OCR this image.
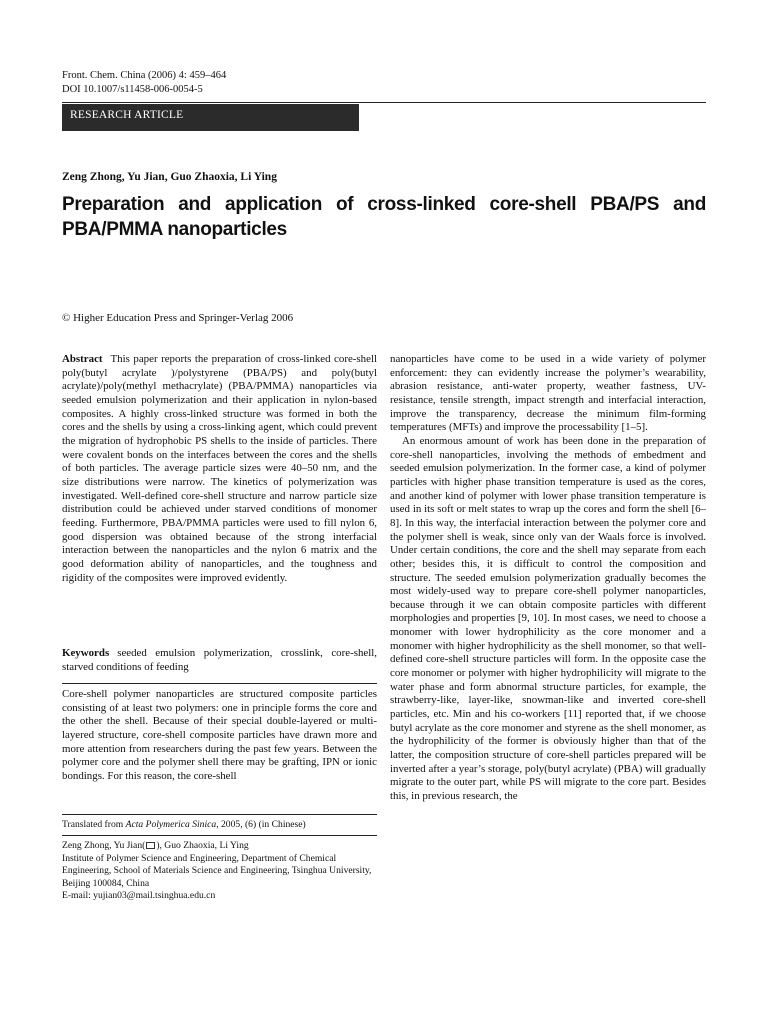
Front. Chem. China (2006) 4: 459–464
DOI 10.1007/s11458-006-0054-5
RESEARCH ARTICLE
Zeng Zhong, Yu Jian, Guo Zhaoxia, Li Ying
Preparation and application of cross-linked core-shell PBA/PS and PBA/PMMA nanoparticles
© Higher Education Press and Springer-Verlag 2006
Abstract This paper reports the preparation of cross-linked core-shell poly(butyl acrylate )/polystyrene (PBA/PS) and poly(butyl acrylate)/poly(methyl methacrylate) (PBA/PMMA) nanoparticles via seeded emulsion polymerization and their application in nylon-based composites. A highly cross-linked structure was formed in both the cores and the shells by using a cross-linking agent, which could prevent the migration of hydrophobic PS shells to the inside of particles. There were covalent bonds on the interfaces between the cores and the shells of both particles. The average particle sizes were 40–50 nm, and the size distributions were narrow. The kinetics of polymerization was investigated. Well-defined core-shell structure and narrow particle size distribution could be achieved under starved conditions of monomer feeding. Furthermore, PBA/PMMA particles were used to fill nylon 6, good dispersion was obtained because of the strong interfacial interaction between the nanoparticles and the nylon 6 matrix and the good deformation ability of nanoparticles, and the toughness and rigidity of the composites were improved evidently.
Keywords seeded emulsion polymerization, crosslink, core-shell, starved conditions of feeding
Core-shell polymer nanoparticles are structured composite particles consisting of at least two polymers: one in principle forms the core and the other the shell. Because of their special double-layered or multi-layered structure, core-shell composite particles have drawn more and more attention from researchers during the past few years. Between the polymer core and the polymer shell there may be grafting, IPN or ionic bondings. For this reason, the core-shell
Translated from Acta Polymerica Sinica, 2005, (6) (in Chinese)
Zeng Zhong, Yu Jian( ), Guo Zhaoxia, Li Ying
Institute of Polymer Science and Engineering, Department of Chemical Engineering, School of Materials Science and Engineering, Tsinghua University, Beijing 100084, China
E-mail: yujian03@mail.tsinghua.edu.cn

nanoparticles have come to be used in a wide variety of polymer enforcement: they can evidently increase the polymer’s wearability, abrasion resistance, anti-water property, weather fastness, UV-resistance, tensile strength, impact strength and interfacial interaction, improve the transparency, decrease the minimum film-forming temperatures (MFTs) and improve the processability [1–5].

An enormous amount of work has been done in the preparation of core-shell nanoparticles, involving the methods of embedment and seeded emulsion polymerization. In the former case, a kind of polymer particles with higher phase transition temperature is used as the cores, and another kind of polymer with lower phase transition temperature is used in its soft or melt states to wrap up the cores and form the shell [6–8]. In this way, the interfacial interaction between the polymer core and the polymer shell is weak, since only van der Waals force is involved. Under certain conditions, the core and the shell may separate from each other; besides this, it is difficult to control the composition and structure. The seeded emulsion polymerization gradually becomes the most widely-used way to prepare core-shell polymer nanoparticles, because through it we can obtain composite particles with different morphologies and properties [9, 10]. In most cases, we need to choose a monomer with lower hydrophilicity as the core monomer and a monomer with higher hydrophilicity as the shell monomer, so that well-defined core-shell structure particles will form. In the opposite case the core monomer or polymer with higher hydrophilicity will migrate to the water phase and form abnormal structure particles, for example, the strawberry-like, layer-like, snowman-like and inverted core-shell particles, etc. Min and his co-workers [11] reported that, if we choose butyl acrylate as the core monomer and styrene as the shell monomer, as the hydrophilicity of the former is obviously higher than that of the latter, the composition structure of core-shell particles prepared will be inverted after a year’s storage, poly(butyl acrylate) (PBA) will gradually migrate to the outer part, while PS will migrate to the core part. Besides this, in previous research, the
